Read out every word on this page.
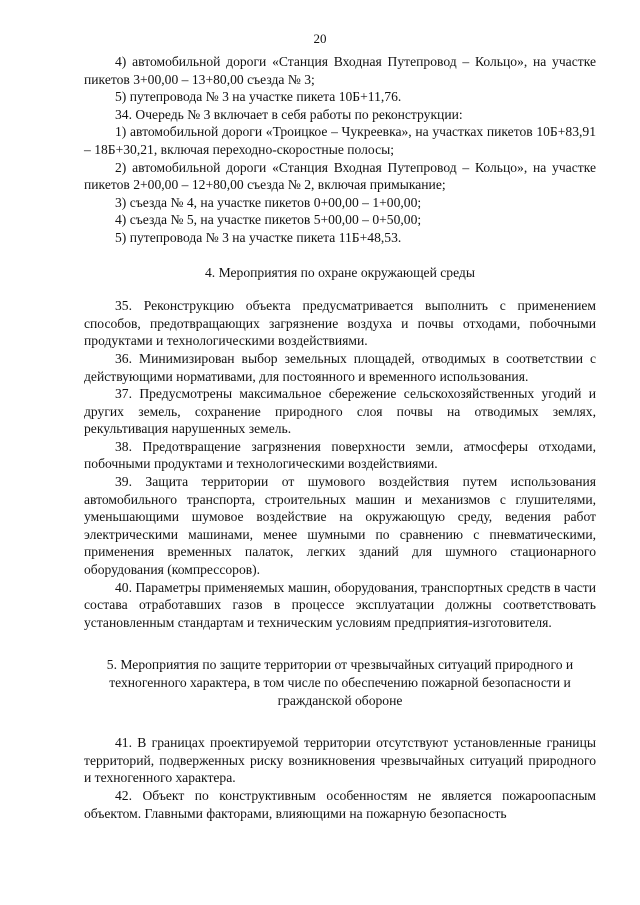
20

4) автомобильной дороги «Станция Входная Путепровод – Кольцо», на участке пикетов 3+00,00 – 13+80,00 съезда № 3;

5) путепровода № 3 на участке пикета 10Б+11,76.

34. Очередь № 3 включает в себя работы по реконструкции:

1) автомобильной дороги «Троицкое – Чукреевка», на участках пикетов 10Б+83,91 – 18Б+30,21, включая переходно-скоростные полосы;

2) автомобильной дороги «Станция Входная Путепровод – Кольцо», на участке пикетов 2+00,00 – 12+80,00 съезда № 2, включая примыкание;

3) съезда № 4, на участке пикетов 0+00,00 – 1+00,00;

4) съезда № 5, на участке пикетов 5+00,00 – 0+50,00;

5) путепровода № 3 на участке пикета 11Б+48,53.

4. Мероприятия по охране окружающей среды

35. Реконструкцию объекта предусматривается выполнить с применением способов, предотвращающих загрязнение воздуха и почвы отходами, побочными продуктами и технологическими воздействиями.

36. Минимизирован выбор земельных площадей, отводимых в соответствии с действующими нормативами, для постоянного и временного использования.

37. Предусмотрены максимальное сбережение сельскохозяйственных угодий и других земель, сохранение природного слоя почвы на отводимых землях, рекультивация нарушенных земель.

38. Предотвращение загрязнения поверхности земли, атмосферы отходами, побочными продуктами и технологическими воздействиями.

39. Защита территории от шумового воздействия путем использования автомобильного транспорта, строительных машин и механизмов с глушителями, уменьшающими шумовое воздействие на окружающую среду, ведения работ электрическими машинами, менее шумными по сравнению с пневматическими, применения временных палаток, легких зданий для шумного стационарного оборудования (компрессоров).

40. Параметры применяемых машин, оборудования, транспортных средств в части состава отработавших газов в процессе эксплуатации должны соответствовать установленным стандартам и техническим условиям предприятия-изготовителя.

5. Мероприятия по защите территории от чрезвычайных ситуаций природного и техногенного характера, в том числе по обеспечению пожарной безопасности и гражданской обороне

41. В границах проектируемой территории отсутствуют установленные границы территорий, подверженных риску возникновения чрезвычайных ситуаций природного и техногенного характера.

42. Объект по конструктивным особенностям не является пожароопасным объектом. Главными факторами, влияющими на пожарную безопасность
